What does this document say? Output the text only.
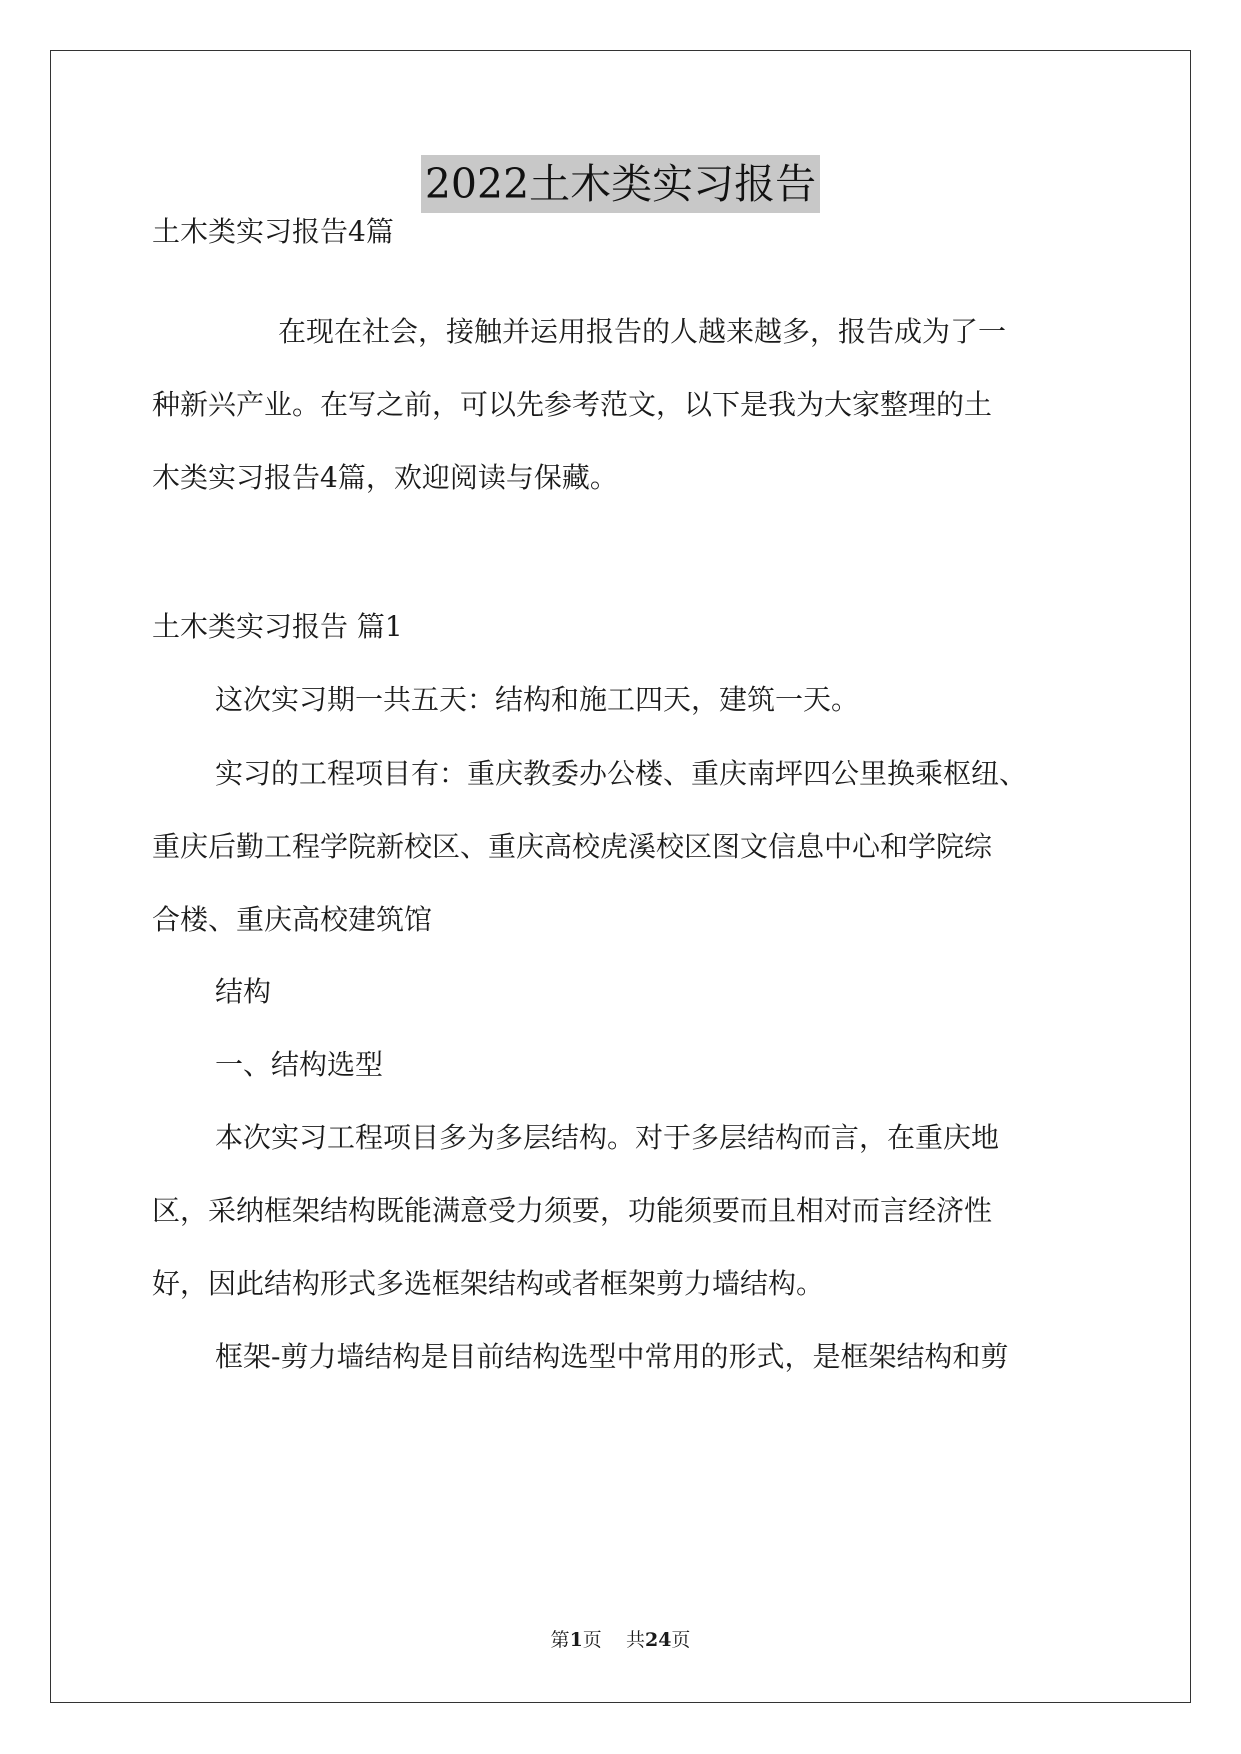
2022土木类实习报告
土木类实习报告4篇
在现在社会，接触并运用报告的人越来越多，报告成为了一
种新兴产业。在写之前，可以先参考范文，以下是我为大家整理的土
木类实习报告4篇，欢迎阅读与保藏。
土木类实习报告 篇1
这次实习期一共五天：结构和施工四天，建筑一天。
实习的工程项目有：重庆教委办公楼、重庆南坪四公里换乘枢纽、
重庆后勤工程学院新校区、重庆高校虎溪校区图文信息中心和学院综
合楼、重庆高校建筑馆
结构
一、结构选型
本次实习工程项目多为多层结构。对于多层结构而言，在重庆地
区，采纳框架结构既能满意受力须要，功能须要而且相对而言经济性
好，因此结构形式多选框架结构或者框架剪力墙结构。
框架-剪力墙结构是目前结构选型中常用的形式，是框架结构和剪
第1页    共24页
